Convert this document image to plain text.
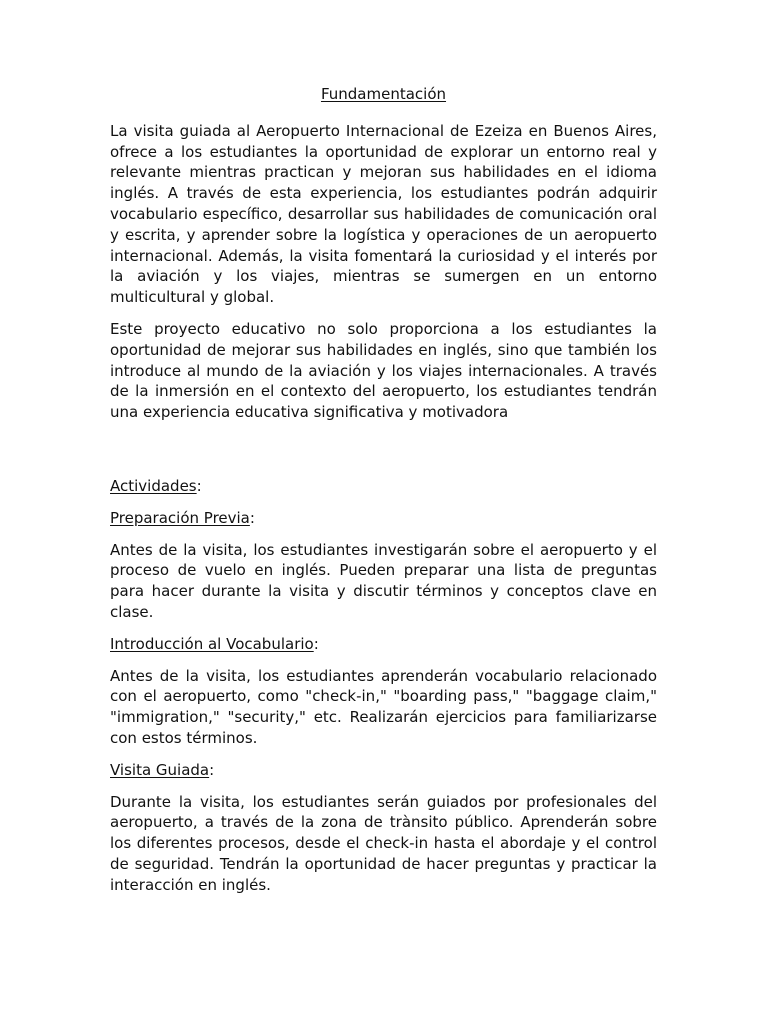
Fundamentación

La visita guiada al Aeropuerto Internacional de Ezeiza en Buenos Aires, ofrece a los estudiantes la oportunidad de explorar un entorno real y relevante mientras practican y mejoran sus habilidades en el idioma inglés. A través de esta experiencia, los estudiantes podrán adquirir vocabulario específico, desarrollar sus habilidades de comunicación oral y escrita, y aprender sobre la logística y operaciones de un aeropuerto internacional. Además, la visita fomentará la curiosidad y el interés por la aviación y los viajes, mientras se sumergen en un entorno multicultural y global.

Este proyecto educativo no solo proporciona a los estudiantes la oportunidad de mejorar sus habilidades en inglés, sino que también los introduce al mundo de la aviación y los viajes internacionales. A través de la inmersión en el contexto del aeropuerto, los estudiantes tendrán una experiencia educativa significativa y motivadora

Actividades:
Preparación Previa:

Antes de la visita, los estudiantes investigarán sobre el aeropuerto y el proceso de vuelo en inglés. Pueden preparar una lista de preguntas para hacer durante la visita y discutir términos y conceptos clave en clase.

Introducción al Vocabulario:

Antes de la visita, los estudiantes aprenderán vocabulario relacionado con el aeropuerto, como "check-in," "boarding pass," "baggage claim," "immigration," "security," etc. Realizarán ejercicios para familiarizarse con estos términos.

Visita Guiada:

Durante la visita, los estudiantes serán guiados por profesionales del aeropuerto, a través de la zona de trànsito público. Aprenderán sobre los diferentes procesos, desde el check-in hasta el abordaje y el control de seguridad. Tendrán la oportunidad de hacer preguntas y practicar la interacción en inglés.
